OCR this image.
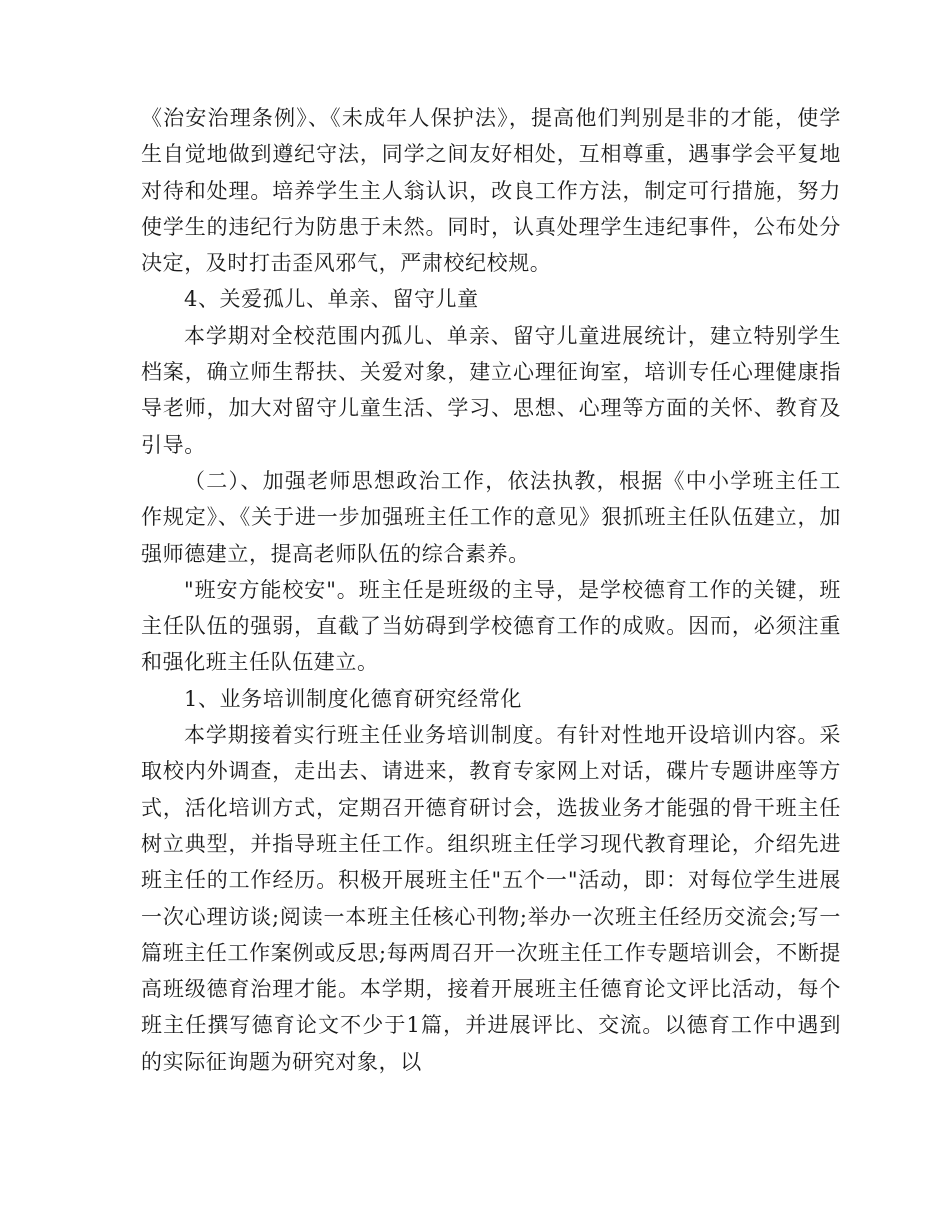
《治安治理条例》、《未成年人保护法》，提高他们判别是非的才能，使学生自觉地做到遵纪守法，同学之间友好相处，互相尊重，遇事学会平复地对待和处理。培养学生主人翁认识，改良工作方法，制定可行措施，努力使学生的违纪行为防患于未然。同时，认真处理学生违纪事件，公布处分决定，及时打击歪风邪气，严肃校纪校规。

4、关爱孤儿、单亲、留守儿童

本学期对全校范围内孤儿、单亲、留守儿童进展统计，建立特别学生档案，确立师生帮扶、关爱对象，建立心理征询室，培训专任心理健康指导老师，加大对留守儿童生活、学习、思想、心理等方面的关怀、教育及引导。

（二）、加强老师思想政治工作，依法执教，根据《中小学班主任工作规定》、《关于进一步加强班主任工作的意见》狠抓班主任队伍建立，加强师德建立，提高老师队伍的综合素养。

"班安方能校安"。班主任是班级的主导，是学校德育工作的关键，班主任队伍的强弱，直截了当妨碍到学校德育工作的成败。因而，必须注重和强化班主任队伍建立。

1、业务培训制度化德育研究经常化

本学期接着实行班主任业务培训制度。有针对性地开设培训内容。采取校内外调查，走出去、请进来，教育专家网上对话，碟片专题讲座等方式，活化培训方式，定期召开德育研讨会，选拔业务才能强的骨干班主任树立典型，并指导班主任工作。组织班主任学习现代教育理论，介绍先进班主任的工作经历。积极开展班主任"五个一"活动，即：对每位学生进展一次心理访谈;阅读一本班主任核心刊物;举办一次班主任经历交流会;写一篇班主任工作案例或反思;每两周召开一次班主任工作专题培训会，不断提高班级德育治理才能。本学期，接着开展班主任德育论文评比活动，每个班主任撰写德育论文不少于1篇，并进展评比、交流。以德育工作中遇到的实际征询题为研究对象，以
